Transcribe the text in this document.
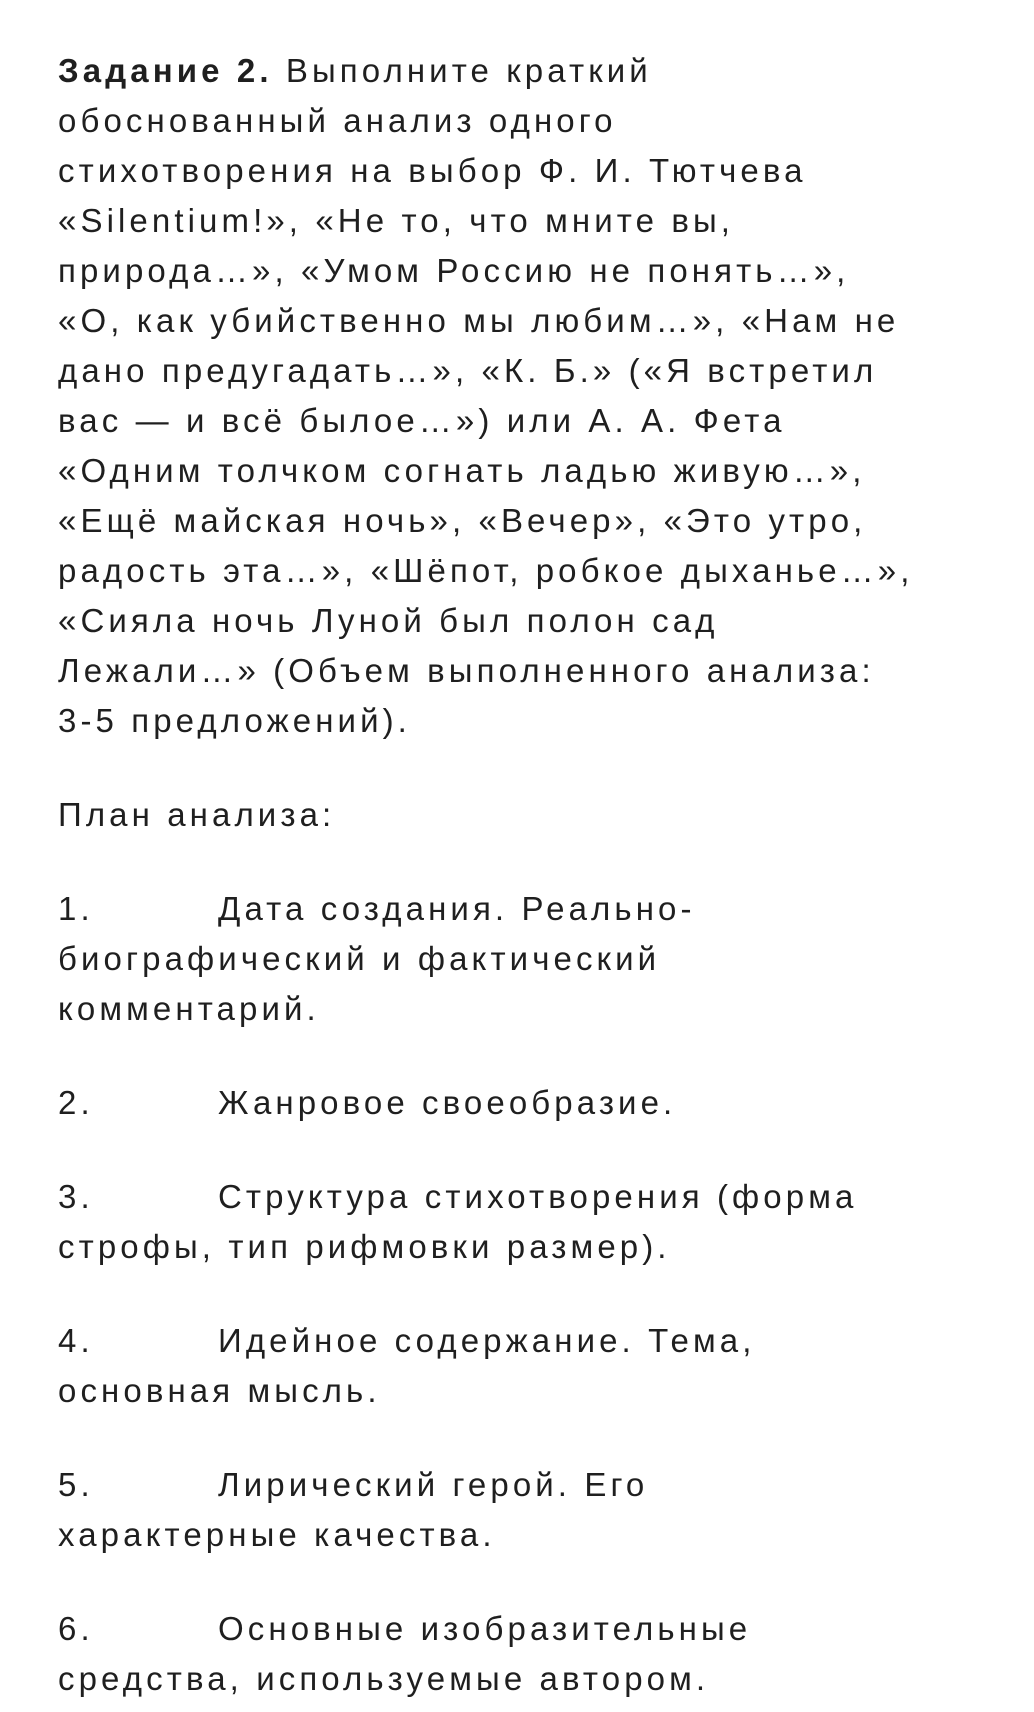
Задание 2. Выполните краткий
обоснованный анализ одного
стихотворения на выбор Ф. И. Тютчева
«Silentium!», «Не то, что мните вы,
природа…», «Умом Россию не понять…»,
«О, как убийственно мы любим…», «Нам не
дано предугадать…», «К. Б.» («Я встретил
вас — и всё былое…») или А. А. Фета
«Одним толчком согнать ладью живую…»,
«Ещё майская ночь», «Вечер», «Это утро,
радость эта…», «Шёпот, робкое дыханье…»,
«Сияла ночь Луной был полон сад
Лежали…» (Объем выполненного анализа:
3-5 предложений).

План анализа:

1.	Дата создания. Реально-
биографический и фактический
комментарий.
2.	Жанровое своеобразие.
3.	Структура стихотворения (форма
строфы, тип рифмовки размер).
4.	Идейное содержание. Тема,
основная мысль.
5.	Лирический герой. Его
характерные качества.
6.	Основные изобразительные
средства, используемые автором.
